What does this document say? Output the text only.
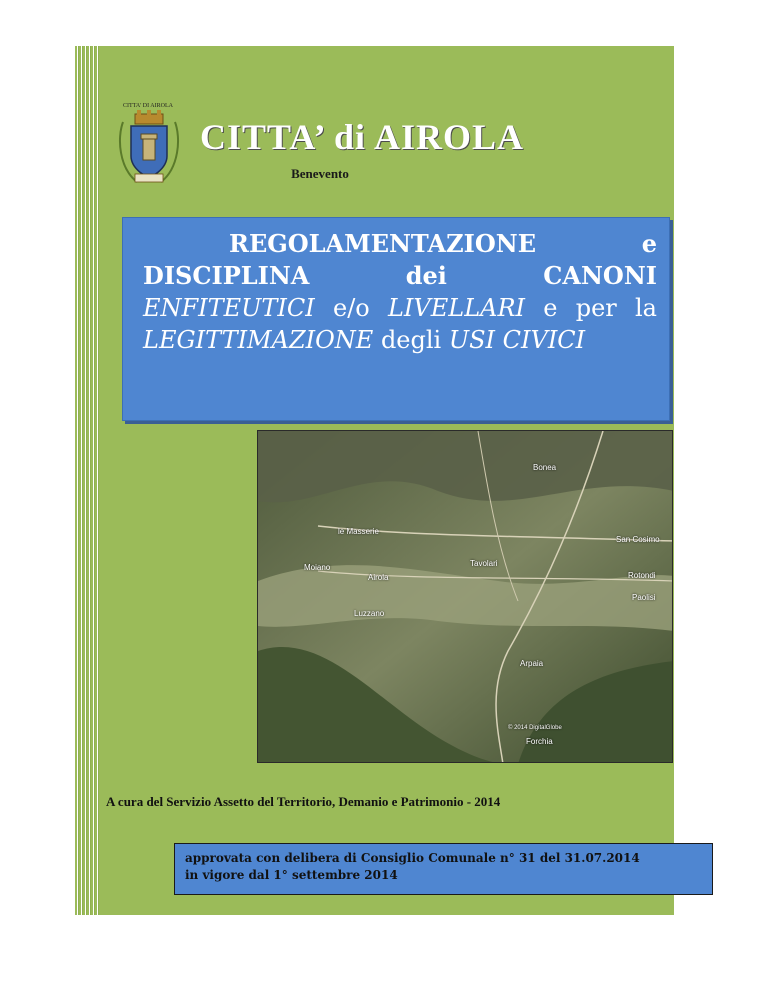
CITTA' DI AIROLA
CITTA’ di AIROLA
Benevento

REGOLAMENTAZIONE e DISCIPLINA dei CANONI ENFITEUTICI e/o LIVELLARI e per la LEGITTIMAZIONE degli USI CIVICI

Bonea
Moiano
le Masserie
Airola
Luzzano
Arpaia
Forchia
Paolisi
San Cosimo
Rotondi
Tavolari
© 2014 DigitalGlobe
A cura del Servizio Assetto del Territorio, Demanio e Patrimonio - 2014
approvata con delibera di Consiglio Comunale n° 31 del 31.07.2014
in vigore dal 1° settembre 2014
